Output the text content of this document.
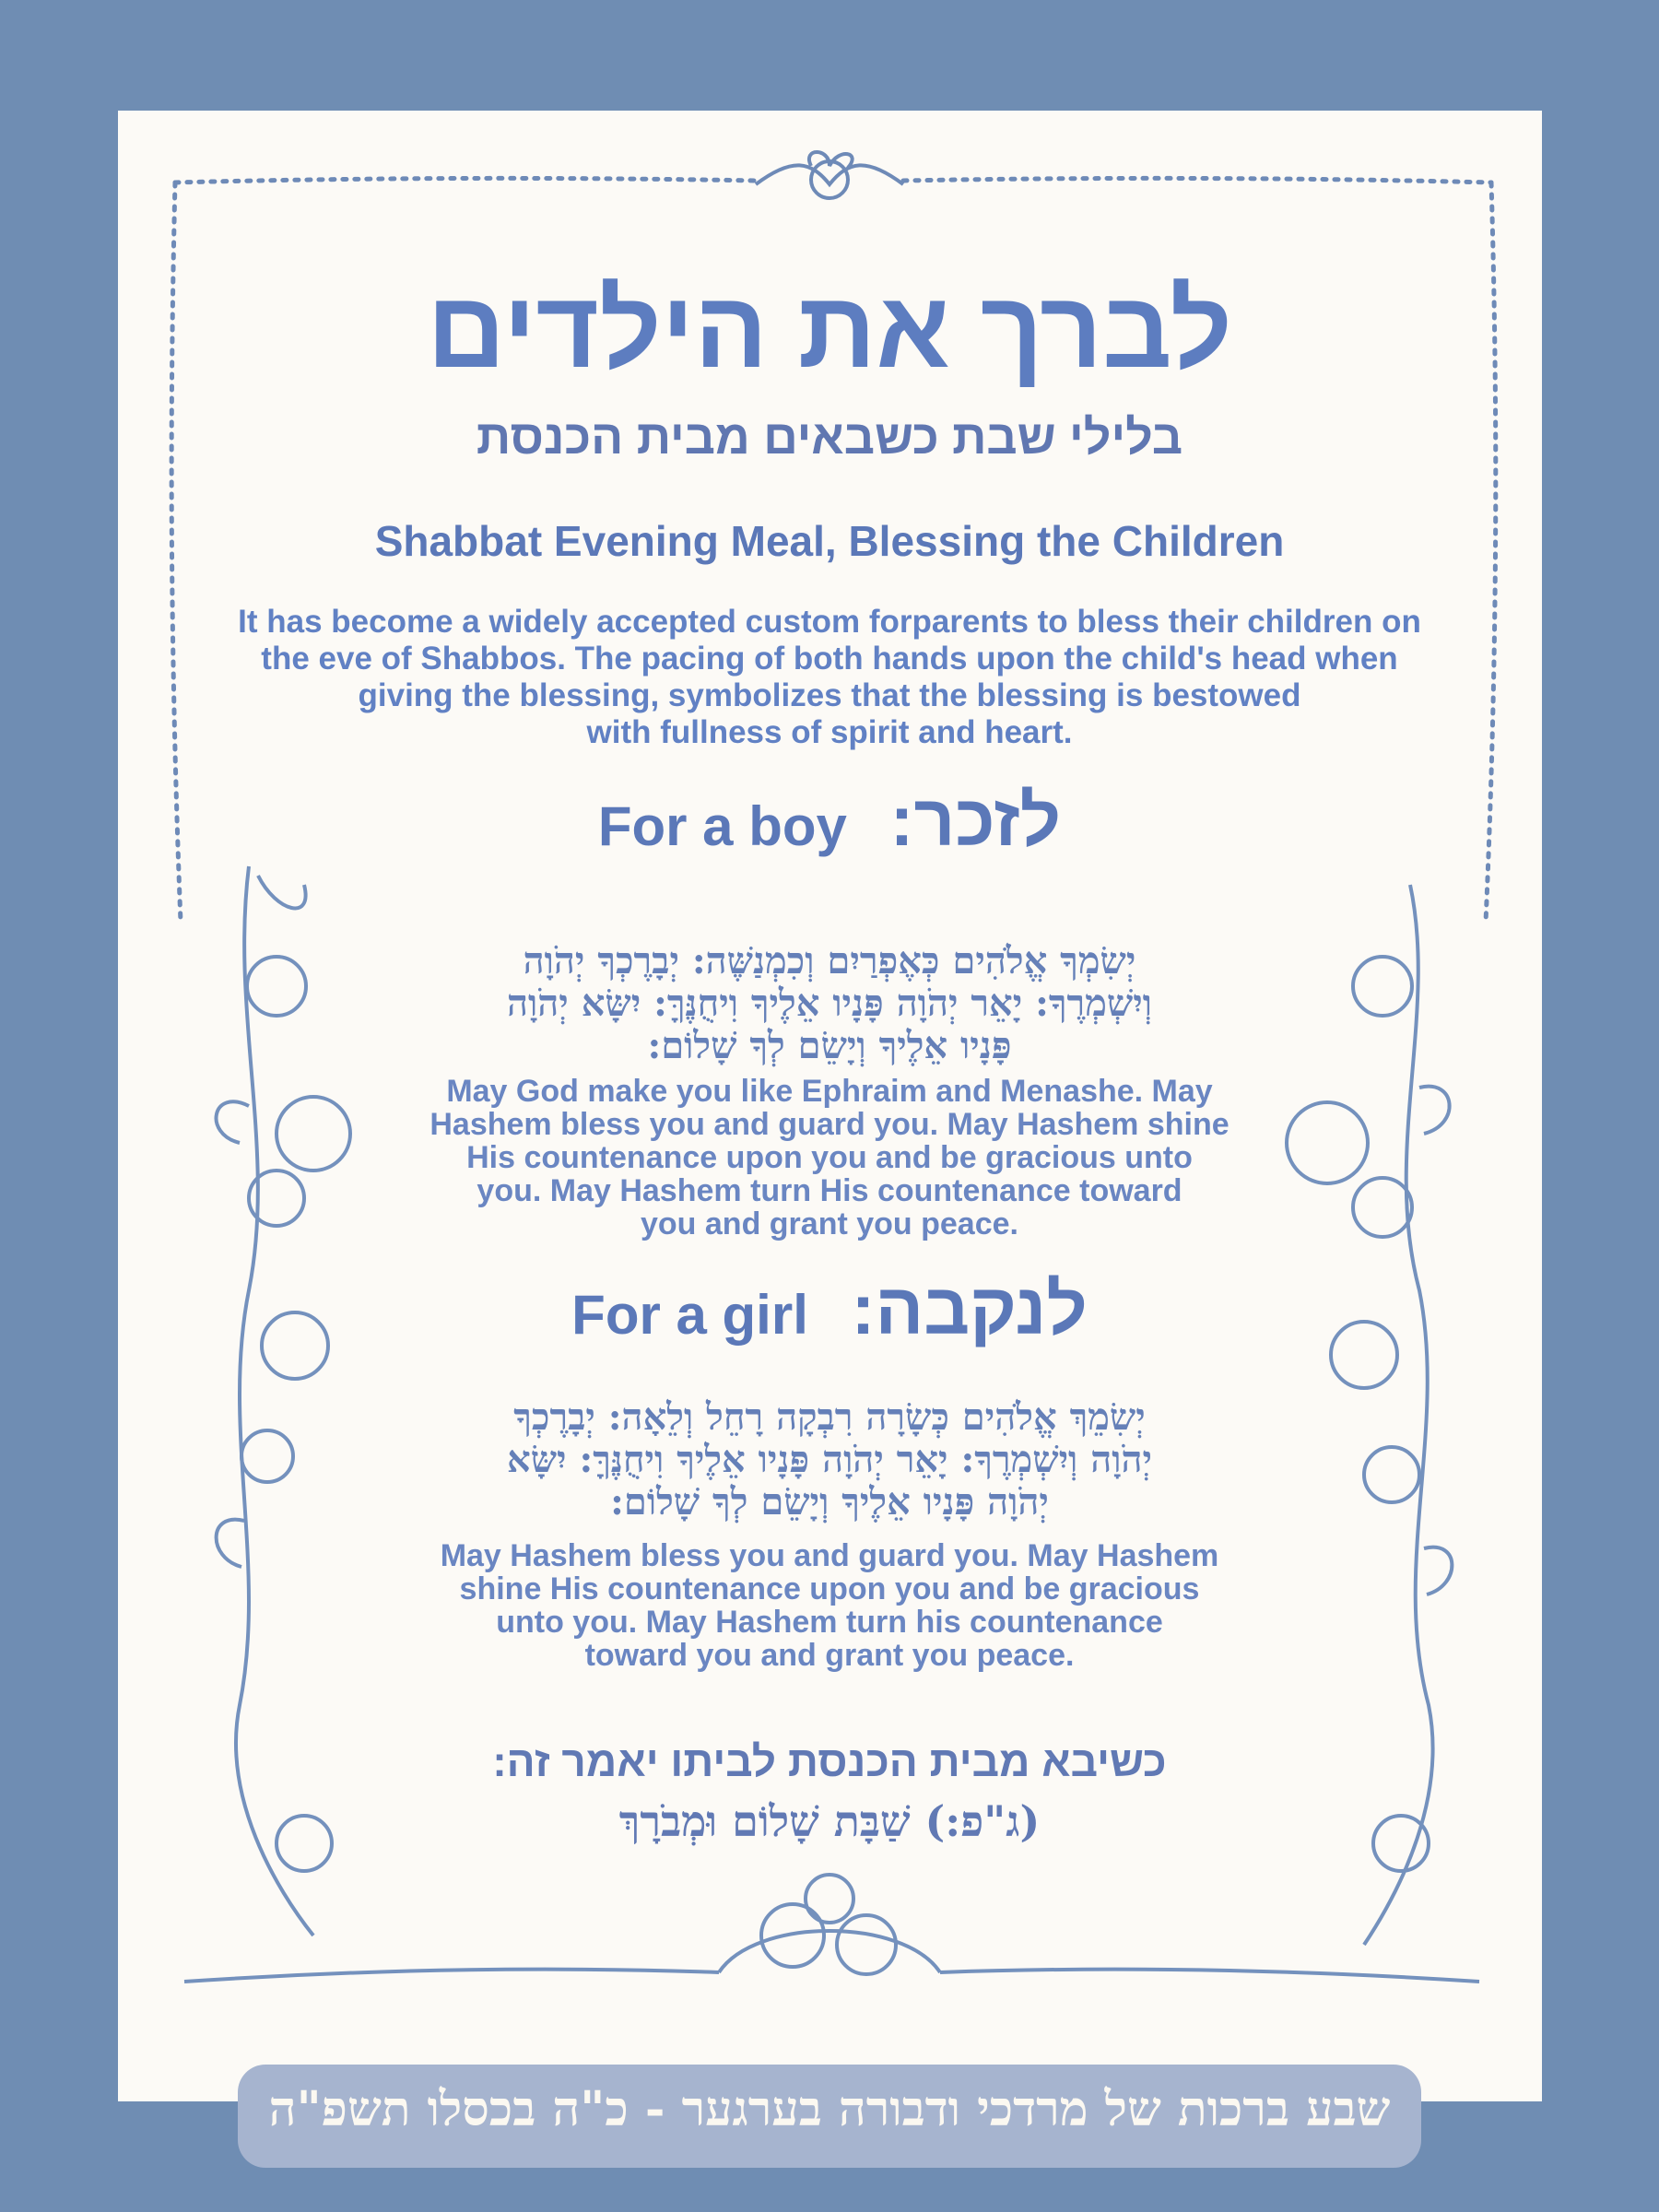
לברך את הילדים
בלילי שבת כשבאים מבית הכנסת
Shabbat Evening Meal, Blessing the Children
It has become a widely accepted custom forparents to bless their children on
the eve of Shabbos. The pacing of both hands upon the child's head when
giving the blessing, symbolizes that the blessing is bestowed
with fullness of spirit and heart.
For a boy לזכר:
יְשִׂמְךָ אֱלֹהִים כְּאֶפְרַיִם וְכִמְנַשֶּׁה: יְבָרֶכְךָ יְהֹוָה
וְיִשְׁמְרֶךָ: יָאֵר יְהֹוָה פָּנָיו אֵלֶיךָ וִיחֻנֶּךָּ: יִשָּׂא יְהֹוָה
פָּנָיו אֵלֶיךָ וְיָשֵׂם לְךָ שָׁלוֹם:
May God make you like Ephraim and Menashe. May
Hashem bless you and guard you. May Hashem shine
His countenance upon you and be gracious unto
you. May Hashem turn His countenance toward
you and grant you peace.
For a girl לנקבה:
יְשִׂמֵךְ אֱלֹהִים כְּשָׂרָה רִבְקָה רָחֵל וְלֵאָה: יְבָרֶכְךָ
יְהֹוָה וְיִשְׁמְרֶךָ: יָאֵר יְהֹוָה פָּנָיו אֵלֶיךָ וִיחֻנֶּךָּ: יִשָּׂא
יְהֹוָה פָּנָיו אֵלֶיךָ וְיָשֵׂם לְךָ שָׁלוֹם:
May Hashem bless you and guard you. May Hashem
shine His countenance upon you and be gracious
unto you. May Hashem turn his countenance
toward you and grant you peace.
כשיבא מבית הכנסת לביתו יאמר זה:
(ג"פ:) שַׁבָּת שָׁלוֹם וּמְבֹרָךְ
שבע ברכות של מרדכי ודבורה בערגער - כ"ה בכסלו תשפ"ה
